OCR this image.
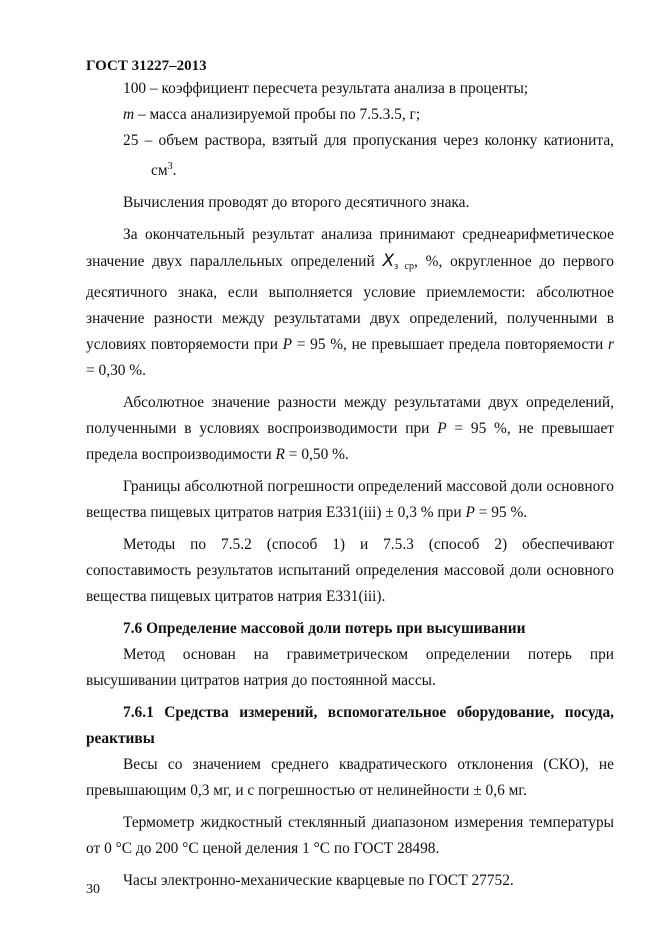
ГОСТ 31227–2013

100 – коэффициент пересчета результата анализа в проценты;

m – масса анализируемой пробы по 7.5.3.5, г;

25 – объем раствора, взятый для пропускания через колонку катионита, $см^3$.

Вычисления проводят до второго десятичного знака.

За окончательный результат анализа принимают среднеарифметическое значение двух параллельных определений $X_{з ср}$, %, округленное до первого десятичного знака, если выполняется условие приемлемости: абсолютное значение разности между результатами двух определений, полученными в условиях повторяемости при P = 95 %, не превышает предела повторяемости r = 0,30 %.

Абсолютное значение разности между результатами двух определений, полученными в условиях воспроизводимости при P = 95 %, не превышает предела воспроизводимости R = 0,50 %.

Границы абсолютной погрешности определений массовой доли основного вещества пищевых цитратов натрия Е331(iii) ± 0,3 % при P = 95 %.

Методы по 7.5.2 (способ 1) и 7.5.3 (способ 2) обеспечивают сопоставимость результатов испытаний определения массовой доли основного вещества пищевых цитратов натрия Е331(iii).

7.6 Определение массовой доли потерь при высушивании

Метод основан на гравиметрическом определении потерь при высушивании цитратов натрия до постоянной массы.

7.6.1 Средства измерений, вспомогательное оборудование, посуда, реактивы

Весы со значением среднего квадратического отклонения (СКО), не превышающим 0,3 мг, и с погрешностью от нелинейности ± 0,6 мг.

Термометр жидкостный стеклянный диапазоном измерения температуры от 0 °С до 200 °С ценой деления 1 °С по ГОСТ 28498.

Часы электронно-механические кварцевые по ГОСТ 27752.

30
